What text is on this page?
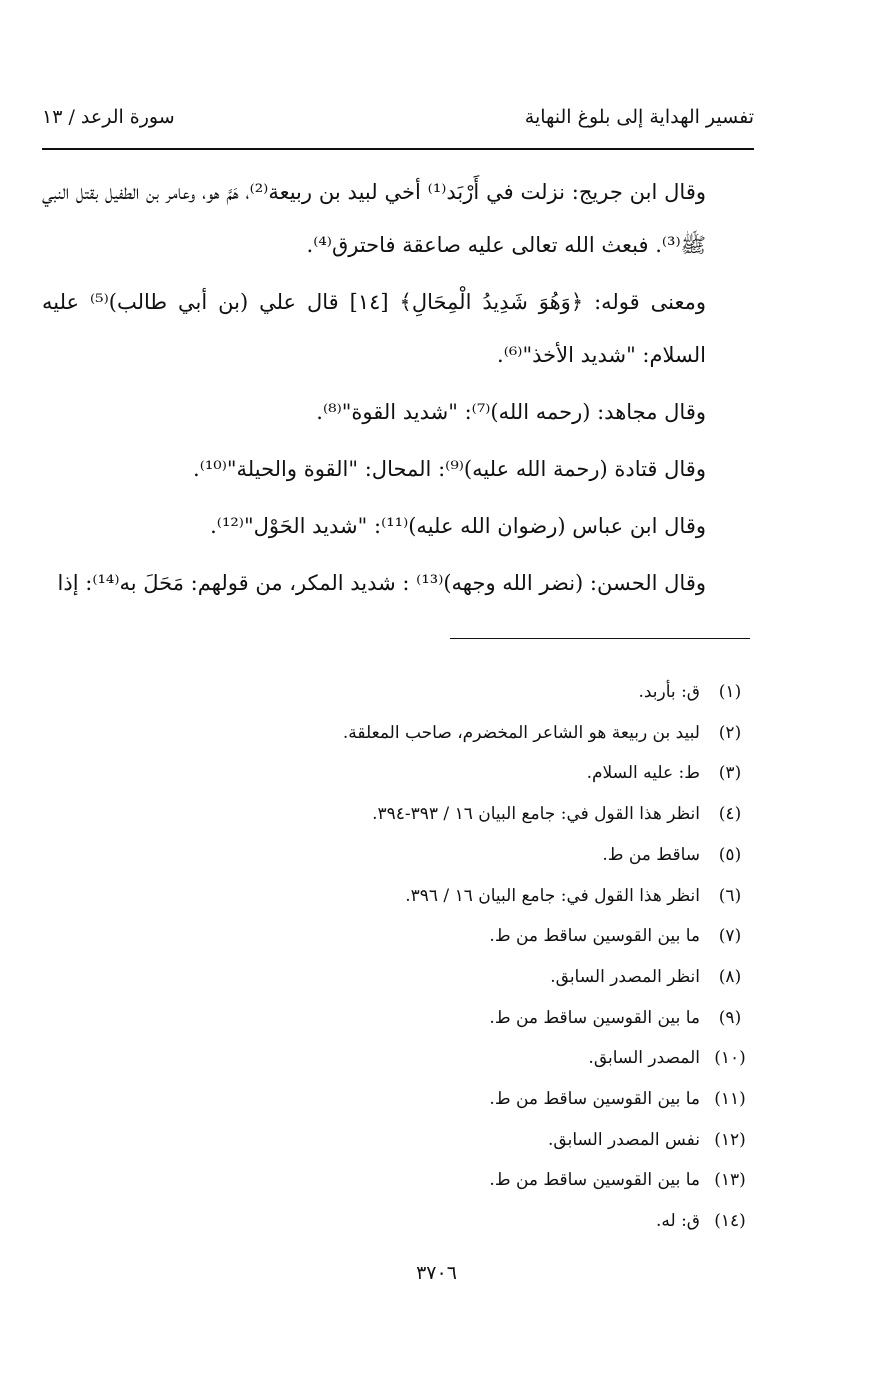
تفسير الهداية إلى بلوغ النهاية
سورة الرعد / ١٣

وقال ابن جريج: نزلت في أَرْبَد⁽¹⁾ أخي لبيد بن ربيعة⁽²⁾، هَمَّ هو، وعامر بن الطفيل بقتل النبي ﷺ⁽³⁾. فبعث الله تعالى عليه صاعقة فاحترق⁽⁴⁾.

ومعنى قوله: ﴿وَهُوَ شَدِيدُ الْمِحَالِ﴾ [١٤] قال علي (بن أبي طالب)⁽⁵⁾ عليه السلام: "شديد الأخذ"⁽⁶⁾.

وقال مجاهد: (رحمه الله)⁽⁷⁾: "شديد القوة"⁽⁸⁾.

وقال قتادة (رحمة الله عليه)⁽⁹⁾: المحال: "القوة والحيلة"⁽¹⁰⁾.

وقال ابن عباس (رضوان الله عليه)⁽¹¹⁾: "شديد الحَوْل"⁽¹²⁾.

وقال الحسن: (نضر الله وجهه)⁽¹³⁾ : شديد المكر، من قولهم: مَحَلَ به⁽¹⁴⁾: إذا

(١)ق: بأربد.
(٢)لبيد بن ربيعة هو الشاعر المخضرم، صاحب المعلقة.
(٣)ط: عليه السلام.
(٤)انظر هذا القول في: جامع البيان ١٦ / ٣٩٣-٣٩٤.
(٥)ساقط من ط.
(٦)انظر هذا القول في: جامع البيان ١٦ / ٣٩٦.
(٧)ما بين القوسين ساقط من ط.
(٨)انظر المصدر السابق.
(٩)ما بين القوسين ساقط من ط.
(١٠)المصدر السابق.
(١١)ما بين القوسين ساقط من ط.
(١٢)نفس المصدر السابق.
(١٣)ما بين القوسين ساقط من ط.
(١٤)ق: له.
٣٧٠٦
